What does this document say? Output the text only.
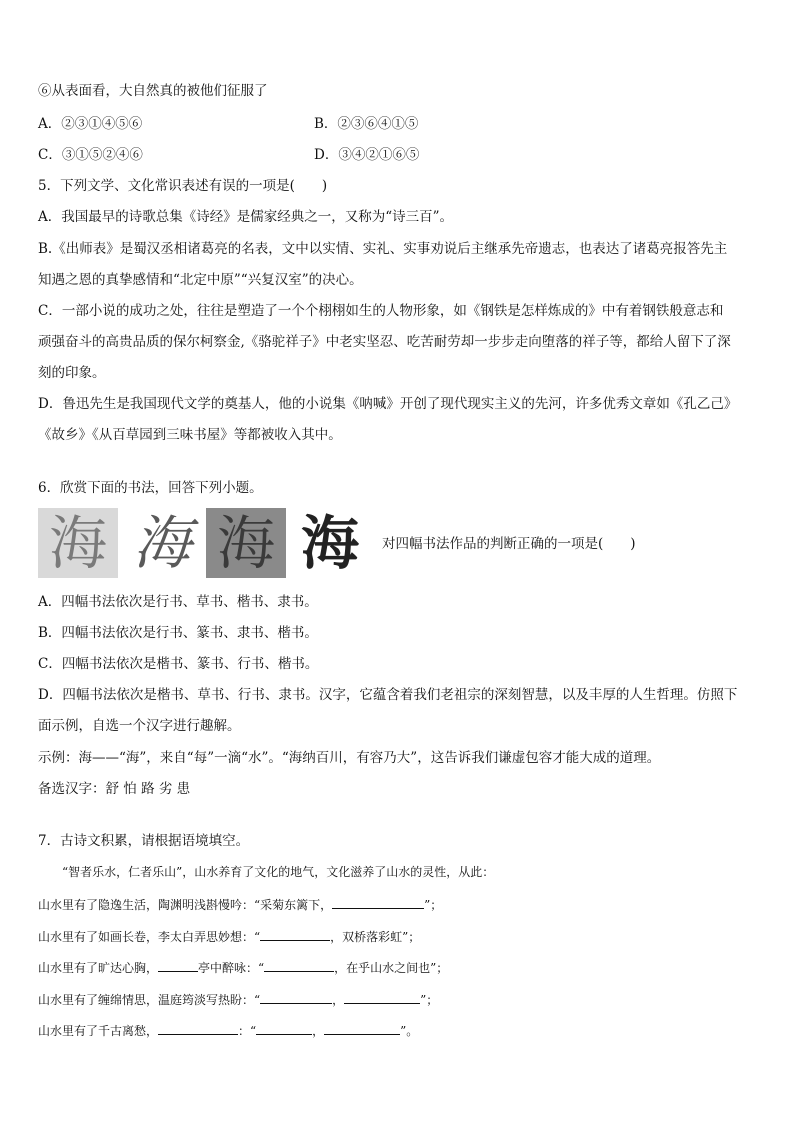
⑥从表面看，大自然真的被他们征服了
A．②③①④⑤⑥	B．②③⑥④①⑤
C．③①⑤②④⑥	D．③④②①⑥⑤
5．下列文学、文化常识表述有误的一项是(　　)
A．我国最早的诗歌总集《诗经》是儒家经典之一，又称为“诗三百”。
B.《出师表》是蜀汉丞相诸葛亮的名表，文中以实情、实礼、实事劝说后主继承先帝遗志，也表达了诸葛亮报答先主
知遇之恩的真挚感情和“北定中原”“兴复汉室”的决心。
C．一部小说的成功之处，往往是塑造了一个个栩栩如生的人物形象，如《钢铁是怎样炼成的》中有着钢铁般意志和
顽强奋斗的高贵品质的保尔柯察金,《骆驼祥子》中老实坚忍、吃苦耐劳却一步步走向堕落的祥子等，都给人留下了深
刻的印象。
D．鲁迅先生是我国现代文学的奠基人，他的小说集《呐喊》开创了现代现实主义的先河，许多优秀文章如《孔乙己》
《故乡》《从百草园到三味书屋》等都被收入其中。
6．欣赏下面的书法，回答下列小题。
海 海 海 海	对四幅书法作品的判断正确的一项是(　　)
A．四幅书法依次是行书、草书、楷书、隶书。
B．四幅书法依次是行书、篆书、隶书、楷书。
C．四幅书法依次是楷书、篆书、行书、楷书。
D．四幅书法依次是楷书、草书、行书、隶书。汉字，它蕴含着我们老祖宗的深刻智慧，以及丰厚的人生哲理。仿照下
面示例，自选一个汉字进行趣解。
示例：海——“海”，来自“每”一滴“水”。“海纳百川，有容乃大”，这告诉我们谦虚包容才能大成的道理。
备选汉字：舒 怕 路 劣 患
7．古诗文积累，请根据语境填空。
“智者乐水，仁者乐山”，山水养育了文化的地气，文化滋养了山水的灵性，从此：
山水里有了隐逸生活，陶渊明浅斟慢吟：“采菊东篱下，	”；
山水里有了如画长卷，李太白弄思妙想：“	，双桥落彩虹”；
山水里有了旷达心胸，	亭中醉咏：“	，在乎山水之间也”；
山水里有了缠绵情思，温庭筠淡写热盼：“	，	”；
山水里有了千古离愁，	：“	，	”。
